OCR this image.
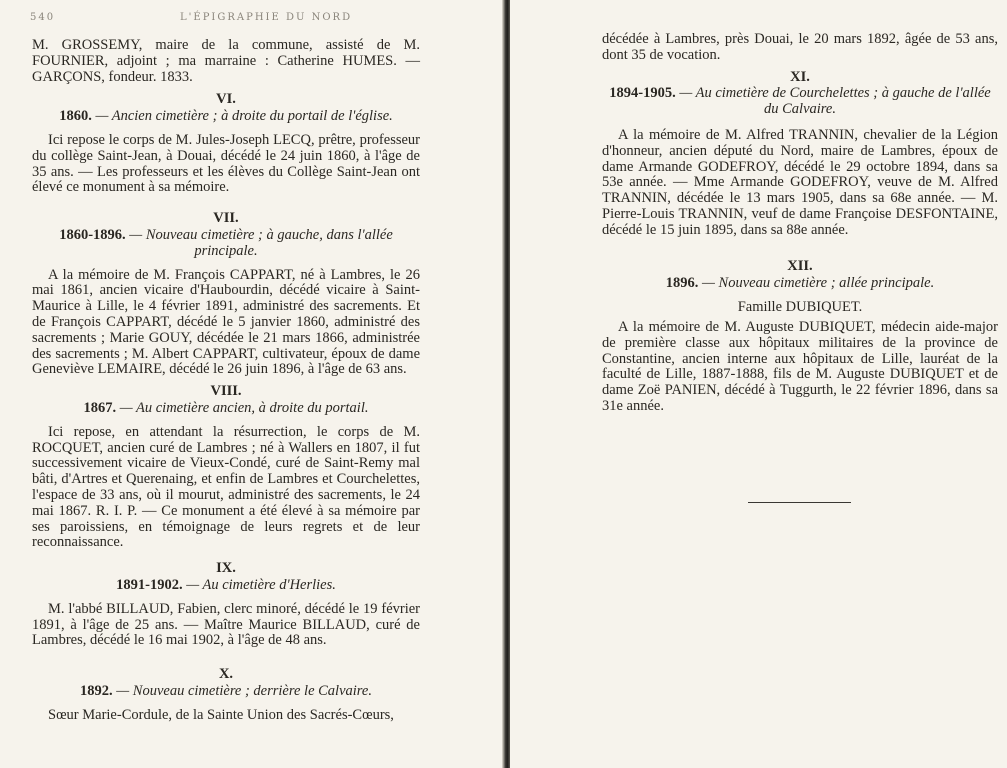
540	L'ÉPIGRAPHIE DU NORD

M. GROSSEMY, maire de la commune, assisté de M. FOURNIER, adjoint ; ma marraine : Catherine HUMES. — GARÇONS, fondeur. 1833.

VI.

1860. — Ancien cimetière ; à droite du portail de l'église.

Ici repose le corps de M. Jules-Joseph LECQ, prêtre, professeur du collège Saint-Jean, à Douai, décédé le 24 juin 1860, à l'âge de 35 ans. — Les professeurs et les élèves du Collège Saint-Jean ont élevé ce monument à sa mémoire.

VII.

1860-1896. — Nouveau cimetière ; à gauche, dans l'allée principale.

A la mémoire de M. François CAPPART, né à Lambres, le 26 mai 1861, ancien vicaire d'Haubourdin, décédé vicaire à Saint-Maurice à Lille, le 4 février 1891, administré des sacrements. Et de François CAPPART, décédé le 5 janvier 1860, administré des sacrements ; Marie GOUY, décédée le 21 mars 1866, administrée des sacrements ; M. Albert CAPPART, cultivateur, époux de dame Geneviève LEMAIRE, décédé le 26 juin 1896, à l'âge de 63 ans.

VIII.

1867. — Au cimetière ancien, à droite du portail.

Ici repose, en attendant la résurrection, le corps de M. ROCQUET, ancien curé de Lambres ; né à Wallers en 1807, il fut successivement vicaire de Vieux-Condé, curé de Saint-Remy mal bâti, d'Artres et Querenaing, et enfin de Lambres et Courchelettes, l'espace de 33 ans, où il mourut, administré des sacrements, le 24 mai 1867. R. I. P. — Ce monument a été élevé à sa mémoire par ses paroissiens, en témoignage de leurs regrets et de leur reconnaissance.

IX.

1891-1902. — Au cimetière d'Herlies.

M. l'abbé BILLAUD, Fabien, clerc minoré, décédé le 19 février 1891, à l'âge de 25 ans. — Maître Maurice BILLAUD, curé de Lambres, décédé le 16 mai 1902, à l'âge de 48 ans.

X.

1892. — Nouveau cimetière ; derrière le Calvaire.

Sœur Marie-Cordule, de la Sainte Union des Sacrés-Cœurs,

décédée à Lambres, près Douai, le 20 mars 1892, âgée de 53 ans, dont 35 de vocation.

XI.

1894-1905. — Au cimetière de Courchelettes ; à gauche de l'allée du Calvaire.

A la mémoire de M. Alfred TRANNIN, chevalier de la Légion d'honneur, ancien député du Nord, maire de Lambres, époux de dame Armande GODEFROY, décédé le 29 octobre 1894, dans sa 53e année. — Mme Armande GODEFROY, veuve de M. Alfred TRANNIN, décédée le 13 mars 1905, dans sa 68e année. — M. Pierre-Louis TRANNIN, veuf de dame Françoise DESFONTAINE, décédé le 15 juin 1895, dans sa 88e année.

XII.

1896. — Nouveau cimetière ; allée principale.

Famille DUBIQUET.

A la mémoire de M. Auguste DUBIQUET, médecin aide-major de première classe aux hôpitaux militaires de la province de Constantine, ancien interne aux hôpitaux de Lille, lauréat de la faculté de Lille, 1887-1888, fils de M. Auguste DUBIQUET et de dame Zoë PANIEN, décédé à Tuggurth, le 22 février 1896, dans sa 31e année.
